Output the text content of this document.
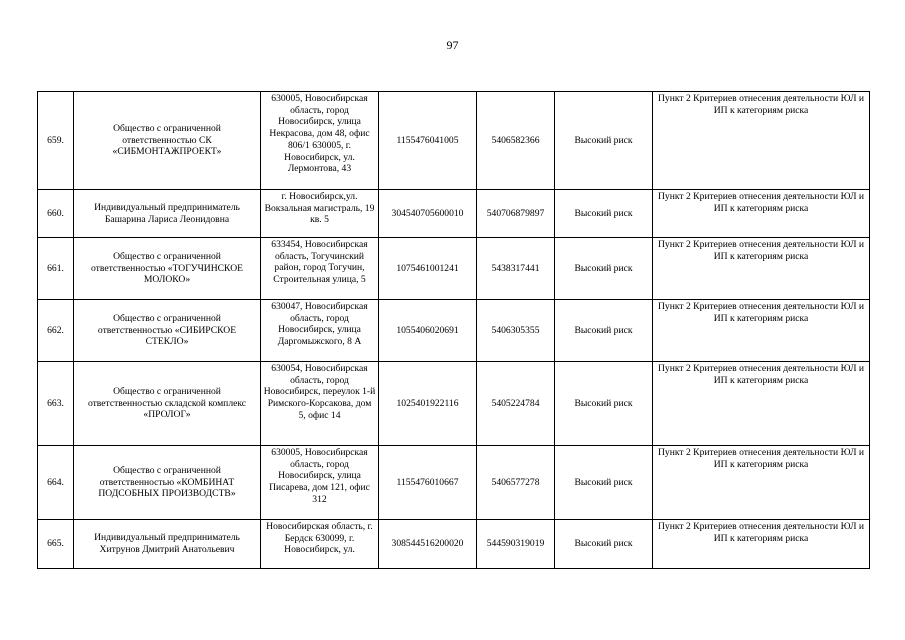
97
659.	Общество с ограниченной ответственностью СК «СИБМОНТАЖПРОЕКТ»	630005, Новосибирская область, город Новосибирск, улица Некрасова, дом 48, офис 806/1 630005, г. Новосибирск, ул. Лермонтова, 43	1155476041005	5406582366	Высокий риск	Пункт 2 Критериев отнесения деятельности ЮЛ и ИП к категориям риска
660.	Индивидуальный предприниматель Башарина Лариса Леонидовна	г. Новосибирск,ул. Вокзальная магистраль, 19 кв. 5	304540705600010	540706879897	Высокий риск	Пункт 2 Критериев отнесения деятельности ЮЛ и ИП к категориям риска
661.	Общество с ограниченной ответственностью «ТОГУЧИНСКОЕ МОЛОКО»	633454, Новосибирская область, Тогучинский район, город Тогучин, Строительная улица, 5	1075461001241	5438317441	Высокий риск	Пункт 2 Критериев отнесения деятельности ЮЛ и ИП к категориям риска
662.	Общество с ограниченной ответственностью «СИБИРСКОЕ СТЕКЛО»	630047, Новосибирская область, город Новосибирск, улица Даргомыжского, 8 А	1055406020691	5406305355	Высокий риск	Пункт 2 Критериев отнесения деятельности ЮЛ и ИП к категориям риска
663.	Общество с ограниченной ответственностью складской комплекс «ПРОЛОГ»	630054, Новосибирская область, город Новосибирск, переулок 1-й Римского-Корсакова, дом 5, офис 14	1025401922116	5405224784	Высокий риск	Пункт 2 Критериев отнесения деятельности ЮЛ и ИП к категориям риска
664.	Общество с ограниченной ответственностью «КОМБИНАТ ПОДСОБНЫХ ПРОИЗВОДСТВ»	630005, Новосибирская область, город Новосибирск, улица Писарева, дом 121, офис 312	1155476010667	5406577278	Высокий риск	Пункт 2 Критериев отнесения деятельности ЮЛ и ИП к категориям риска
665.	Индивидуальный предприниматель Хитрунов Дмитрий Анатольевич	Новосибирская область, г. Бердск 630099, г. Новосибирск, ул.	308544516200020	544590319019	Высокий риск	Пункт 2 Критериев отнесения деятельности ЮЛ и ИП к категориям риска
